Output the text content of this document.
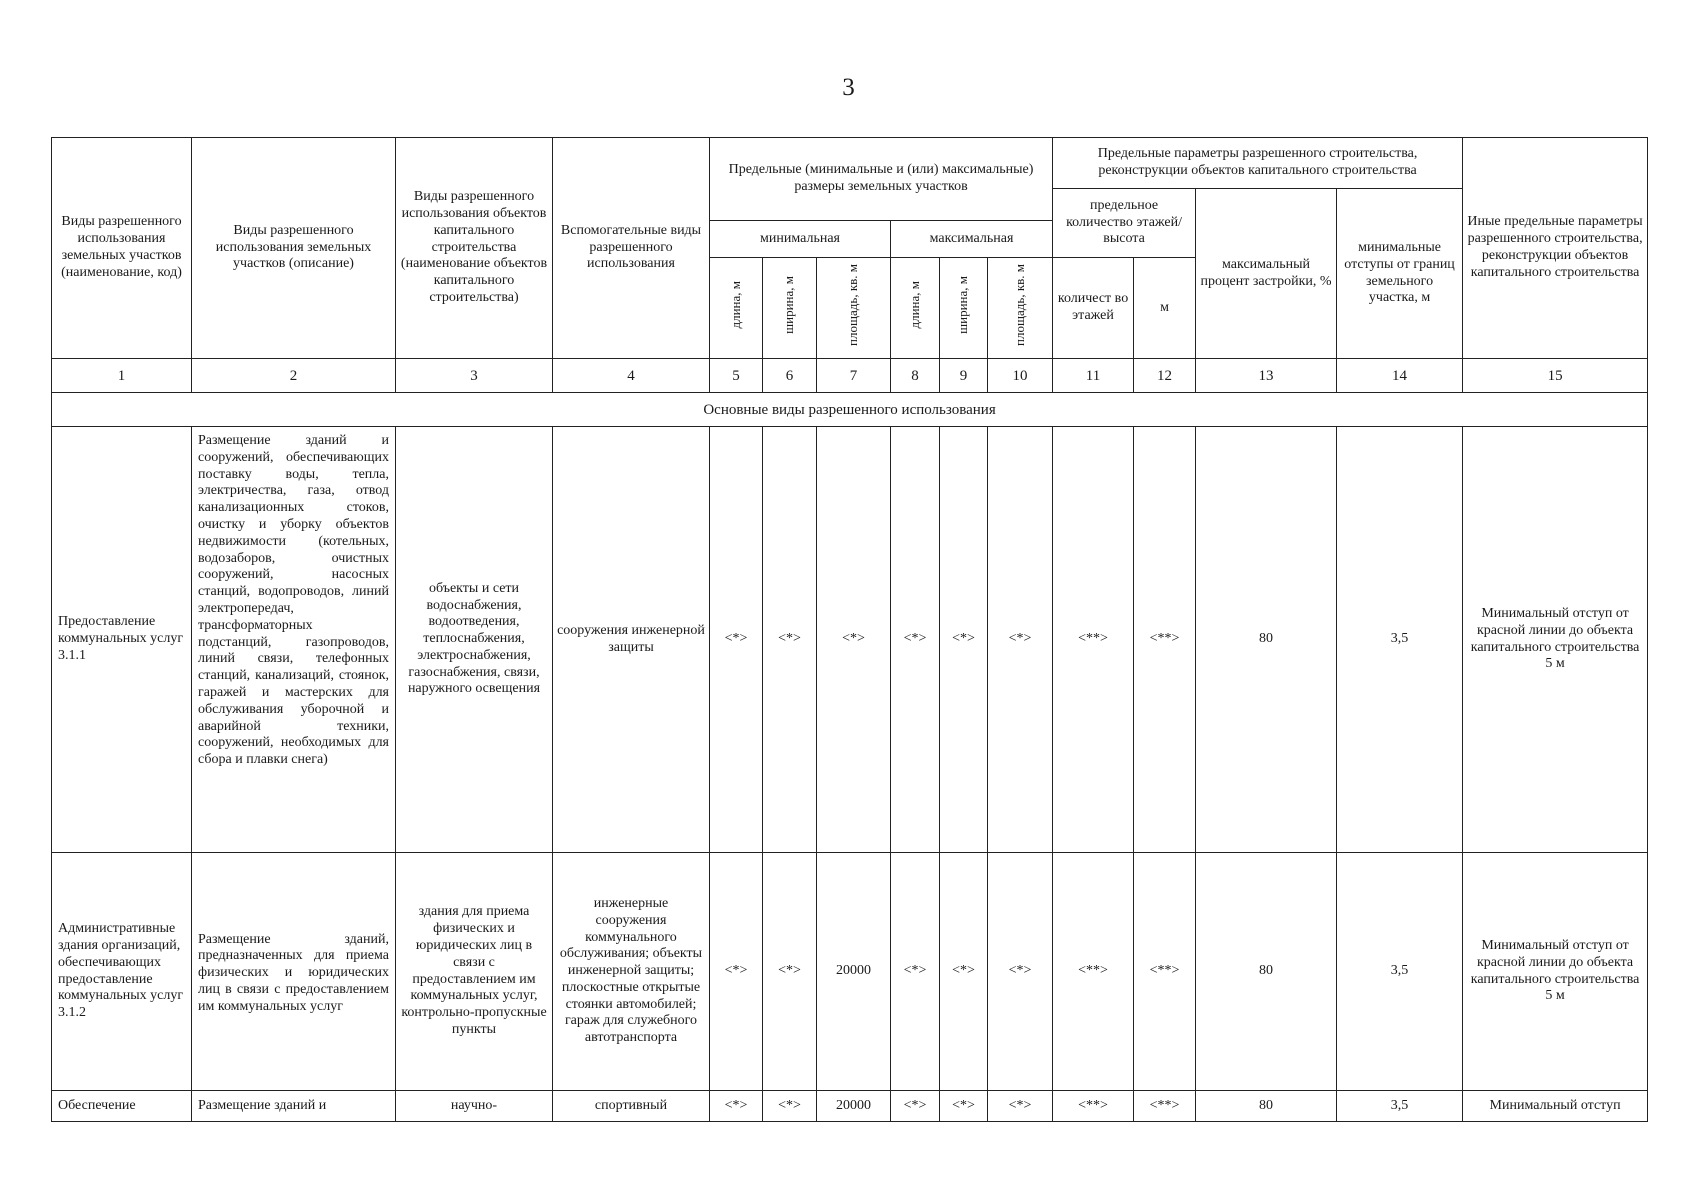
3
Виды разрешенного использования земельных участков (наименование, код)	Виды разрешенного использования земельных участков (описание)	Виды разрешенного использования объектов капитального строительства (наименование объектов капитального строительства)	Вспомогательные виды разрешенного использования	Предельные (минимальные и (или) максимальные) размеры земельных участков						Предельные параметры разрешенного строительства, реконструкции объектов капитального строительства				Иные предельные параметры разрешенного строительства, реконструкции объектов капитального строительства
										предельное количество этажей/высота		максимальный процент застройки, %	минимальные отступы от границ земельного участка, м	
				минимальная			максимальная							
				длина, м	ширина, м	площадь, кв. м	длина, м	ширина, м	площадь, кв. м	количест во этажей	м			
1	2	3	4	5	6	7	8	9	10	11	12	13	14	15
Основные виды разрешенного использования														
Предоставление коммунальных услуг 3.1.1	Размещение зданий и сооружений, обеспечивающих поставку воды, тепла, электричества, газа, отвод канализационных стоков, очистку и уборку объектов недвижимости (котельных, водозаборов, очистных сооружений, насосных станций, водопроводов, линий электропередач, трансформаторных подстанций, газопроводов, линий связи, телефонных станций, канализаций, стоянок, гаражей и мастерских для обслуживания уборочной и аварийной техники, сооружений, необходимых для сбора и плавки снега)	объекты и сети водоснабжения, водоотведения, теплоснабжения, электроснабжения, газоснабжения, связи, наружного освещения	сооружения инженерной защиты	<*>	<*>	<*>	<*>	<*>	<*>	<**>	<**>	80	3,5	Минимальный отступ от красной линии до объекта капитального строительства 5 м
Административные здания организаций, обеспечивающих предоставление коммунальных услуг 3.1.2	Размещение зданий, предназначенных для приема физических и юридических лиц в связи с предоставлением им коммунальных услуг	здания для приема физических и юридических лиц в связи с предоставлением им коммунальных услуг, контрольно-пропускные пункты	инженерные сооружения коммунального обслуживания; объекты инженерной защиты; плоскостные открытые стоянки автомобилей; гараж для служебного автотранспорта	<*>	<*>	20000	<*>	<*>	<*>	<**>	<**>	80	3,5	Минимальный отступ от красной линии до объекта капитального строительства 5 м
Обеспечение	Размещение зданий и	научно-	спортивный	<*>	<*>	20000	<*>	<*>	<*>	<**>	<**>	80	3,5	Минимальный отступ
